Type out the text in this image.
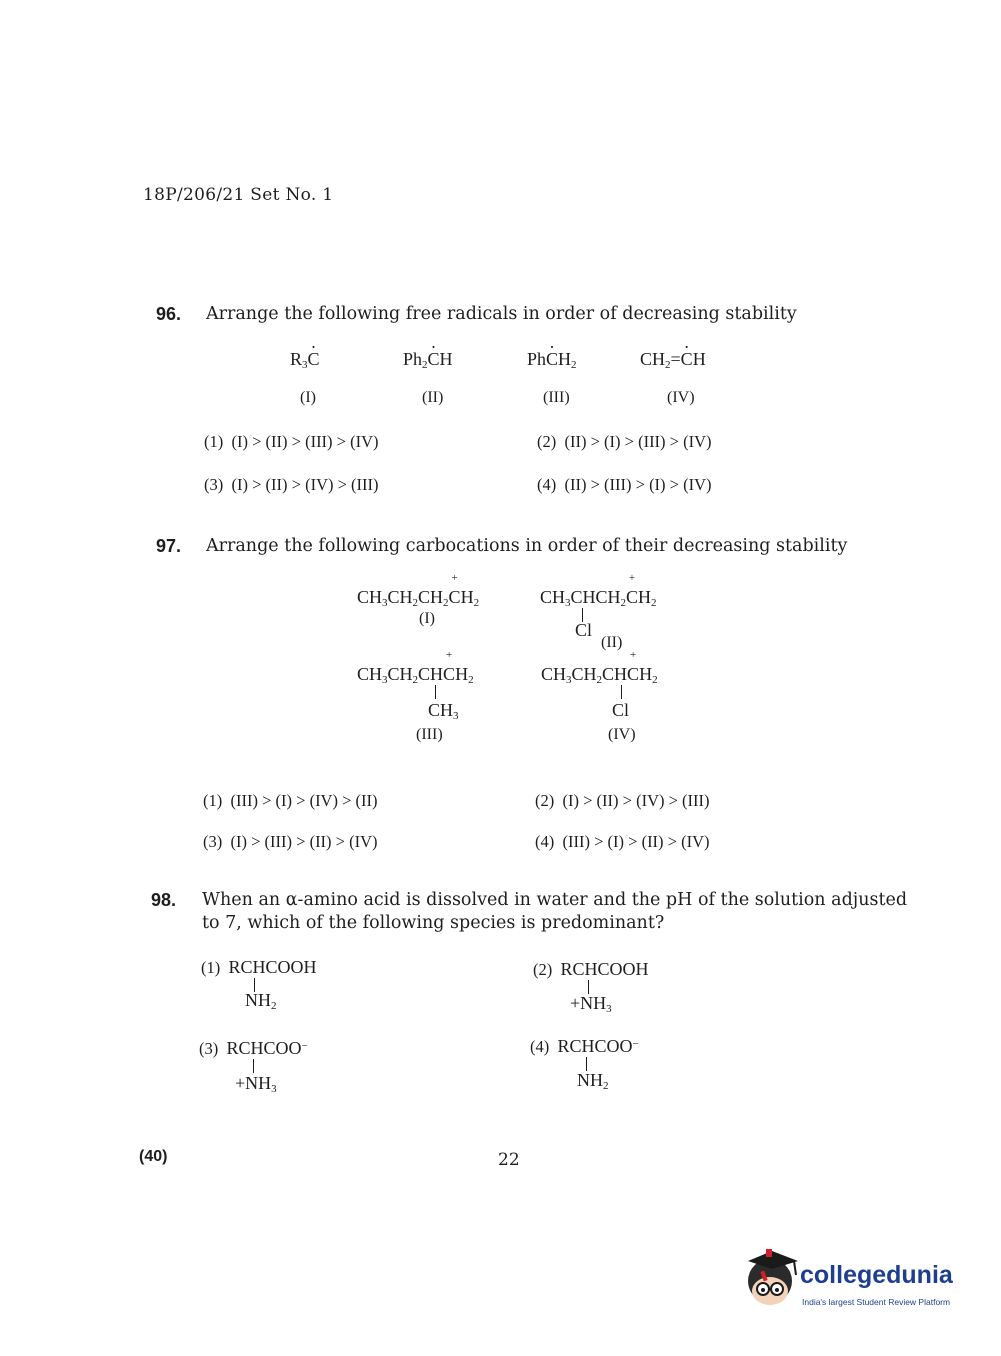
18P/206/21 Set No. 1
96. Arrange the following free radicals in order of decreasing stability
$R_3C$ ·	$Ph_2C \cdot H$	PhC $\cdot H_2$	$CH_2=C \cdot H$
(I)	(II)	(III)	(IV)
(1) (I) > (II) > (III) > (IV)	(2) (II) > (I) > (III) > (IV)
(3) (I) > (II) > (IV) > (III)	(4) (II) > (III) > (I) > (IV)
97. Arrange the following carbocations in order of their decreasing stability
$CH_3CH_2CH_2C +H_2$
(I)
$CH_3CHCH_2C +H_2$
Cl
(II)
$CH_3CH_2CHC +H_2$
$CH_3$
(III)
$CH_3CH_2CHC +H_2$
Cl
(IV)
(1) (III) > (I) > (IV) > (II)	(2) (I) > (II) > (IV) > (III)
(3) (I) > (III) > (II) > (IV)	(4) (III) > (I) > (II) > (IV)
98. When an α-amino acid is dissolved in water and the pH of the solution adjusted
to 7, which of the following species is predominant?
(1) RCHCOOH
$NH_2$
(2) RCHCOOH
$+NH_3$
(3) RCHCOO−
$+NH_3$
(4) RCHCOO−
$NH_2$
(40)	22
collegedunia
India's largest Student Review Platform
